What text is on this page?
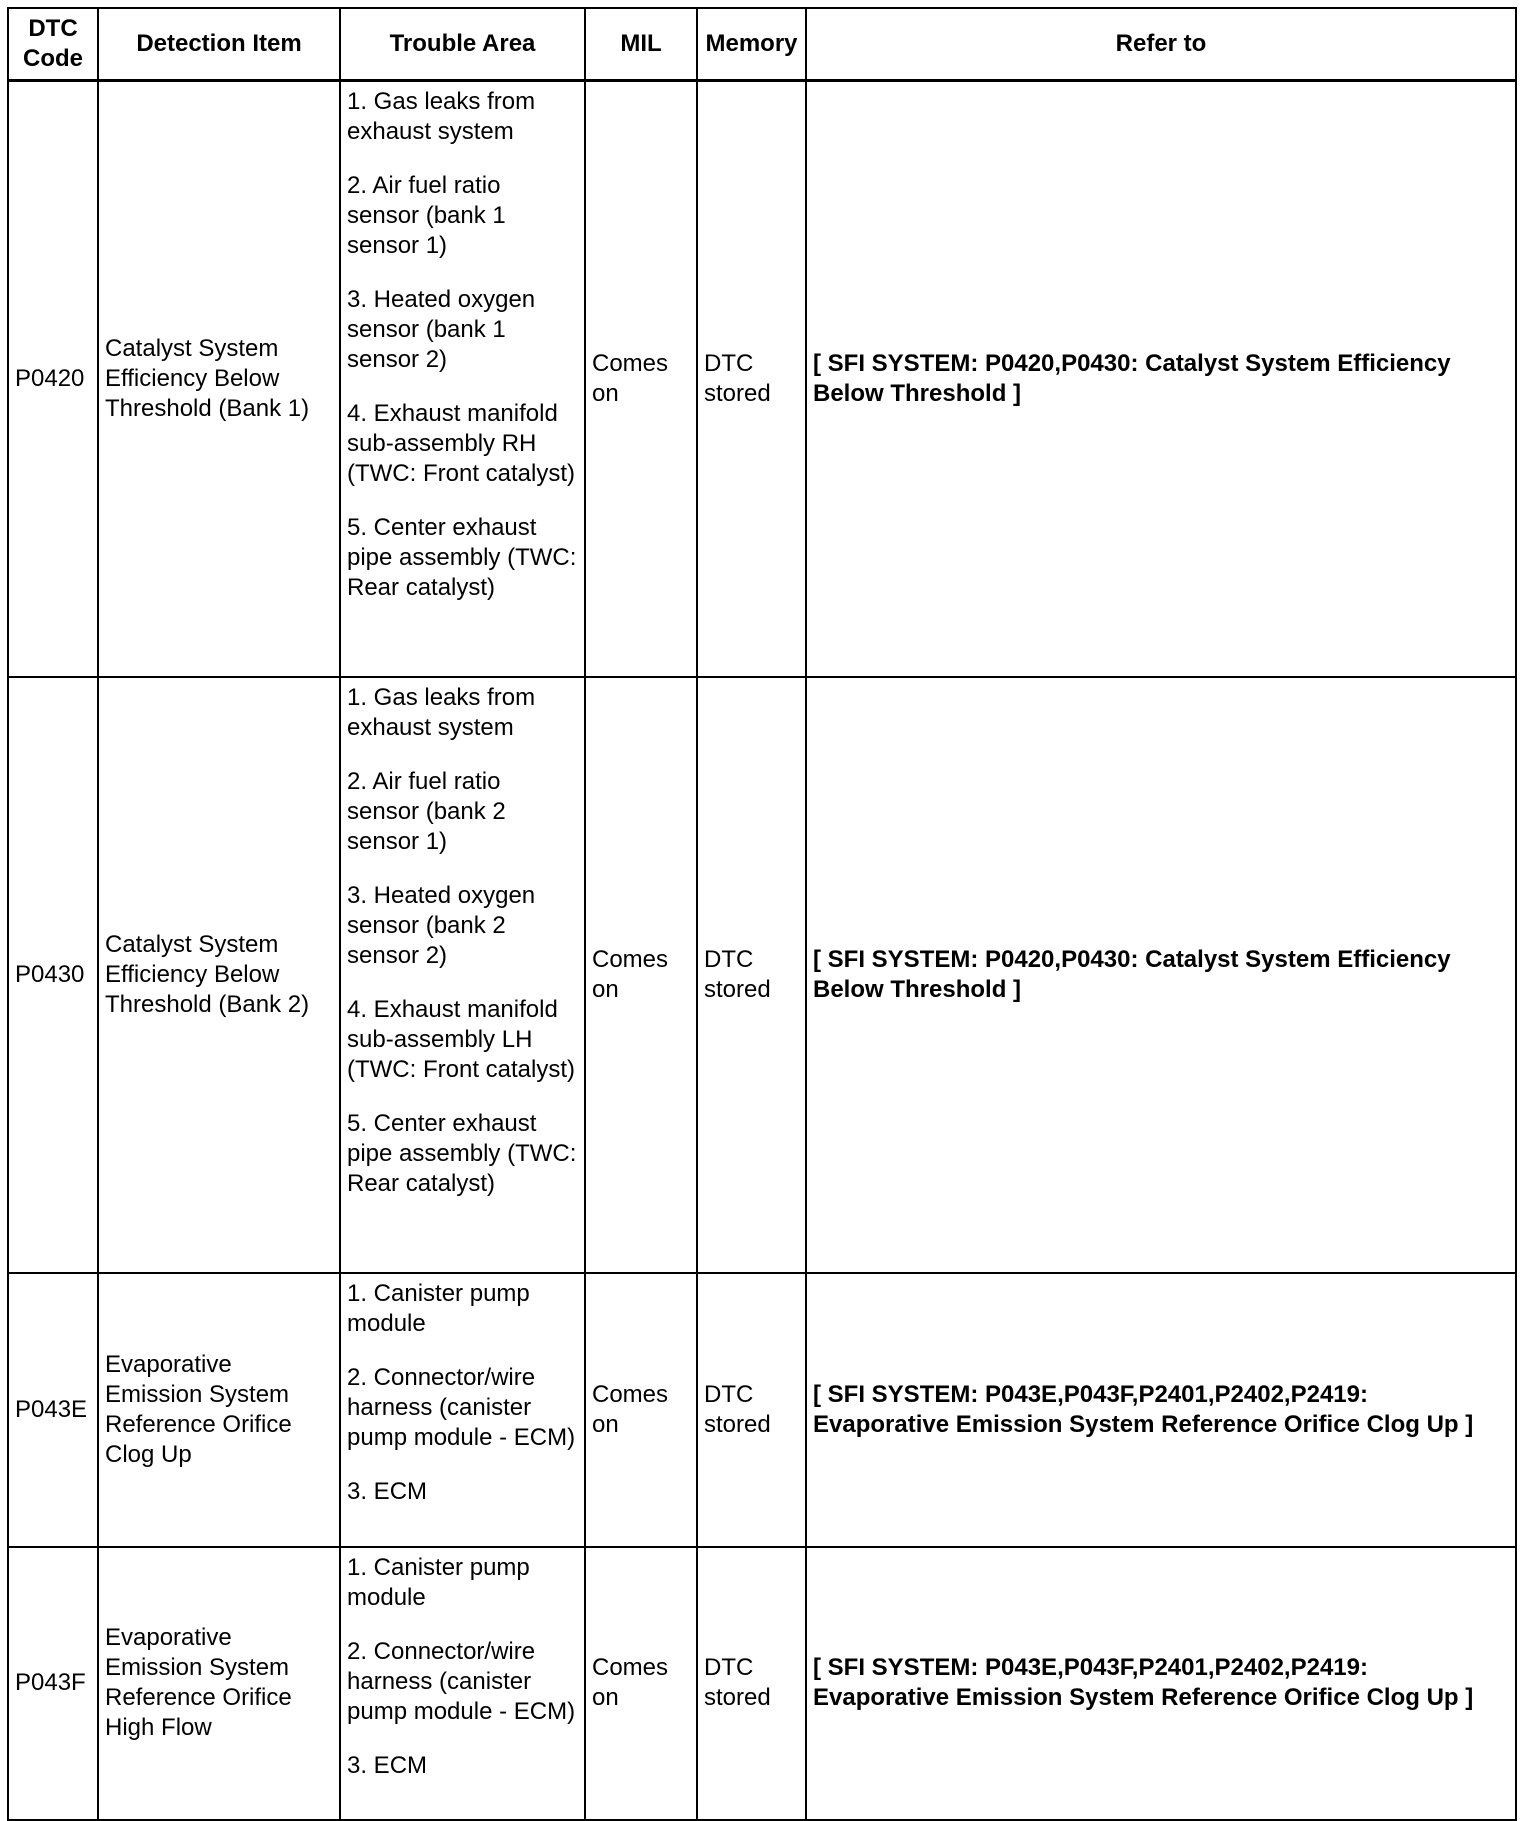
DTC Code	Detection Item	Trouble Area	MIL	Memory	Refer to
P0420	Catalyst System Efficiency Below Threshold (Bank 1)	1. Gas leaks from exhaust system
2. Air fuel ratio sensor (bank 1 sensor 1)
3. Heated oxygen sensor (bank 1 sensor 2)
4. Exhaust manifold sub-assembly RH (TWC: Front catalyst)
5. Center exhaust pipe assembly (TWC: Rear catalyst)	Comes on	DTC stored	[ SFI SYSTEM: P0420,P0430: Catalyst System Efficiency Below Threshold ]
P0430	Catalyst System Efficiency Below Threshold (Bank 2)	1. Gas leaks from exhaust system
2. Air fuel ratio sensor (bank 2 sensor 1)
3. Heated oxygen sensor (bank 2 sensor 2)
4. Exhaust manifold sub-assembly LH (TWC: Front catalyst)
5. Center exhaust pipe assembly (TWC: Rear catalyst)	Comes on	DTC stored	[ SFI SYSTEM: P0420,P0430: Catalyst System Efficiency Below Threshold ]
P043E	Evaporative Emission System Reference Orifice Clog Up	1. Canister pump module
2. Connector/wire harness (canister pump module - ECM)
3. ECM	Comes on	DTC stored	[ SFI SYSTEM: P043E,P043F,P2401,P2402,P2419: Evaporative Emission System Reference Orifice Clog Up ]
P043F	Evaporative Emission System Reference Orifice High Flow	1. Canister pump module
2. Connector/wire harness (canister pump module - ECM)
3. ECM	Comes on	DTC stored	[ SFI SYSTEM: P043E,P043F,P2401,P2402,P2419: Evaporative Emission System Reference Orifice Clog Up ]
